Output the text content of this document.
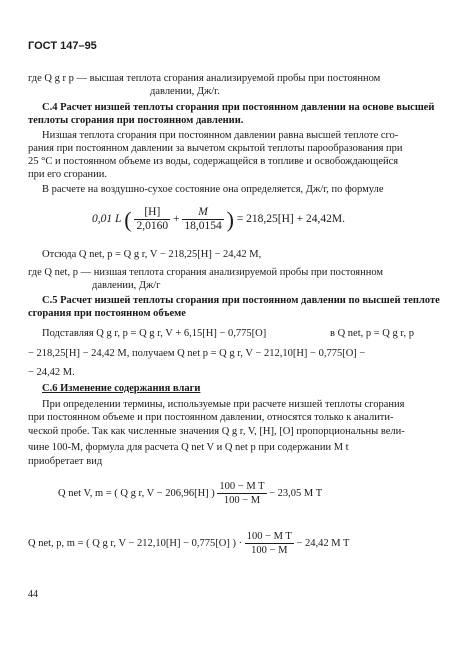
ГОСТ 147–95
где Q g r p — высшая теплота сгорания анализируемой пробы при постоянном
давлении, Дж/г.
С.4 Расчет низшей теплоты сгорания при постоянном давлении на основе высшей
теплоты сгорания при постоянном давлении.
Низшая теплота сгорания при постоянном давлении равна высшей теплоте сго-
рания при постоянном давлении за вычетом скрытой теплоты парообразования при
25 °С и постоянном объеме из воды, содержащейся в топливе и освобождающейся
при его сгорании.
В расчете на воздушно-сухое состояние она определяется, Дж/г, по формуле
0,01 L ( $\frac{[H]}{2,0160} + \frac{M}{18,0154}$ ) = 218,25[H] + 24,42M.
Отсюда Q net, p = Q g r, V − 218,25[H] − 24,42 M,
где Q net, p — низшая теплота сгорания анализируемой пробы при постоянном
давлении, Дж/г
С.5 Расчет низшей теплоты сгорания при постоянном давлении по высшей теплоте
сгорания при постоянном объеме
Подставляя Q g r, p = Q g r, V + 6,15[H] − 0,775[O]	в Q net, p = Q g r, p
− 218,25[H] − 24,42 M, получаем Q net p = Q g r, V − 212,10[H] − 0,775[O] −
− 24,42 M.
С.6 Изменение содержания влаги
При определении термины, используемые при расчете низшей теплоты сгорания
при постоянном объеме и при постоянном давлении, относятся только к аналити-
ческой пробе. Так как численные значения Q g r, V, [H], [O] пропорциональны вели-
чине 100-M, формула для расчета Q net V и Q net p при содержании M t
приобретает вид
Q net V, m = ( Q g r, V − 206,96[H] ) $\frac{\text{100 − M T}}{100 - M} - 23,05$ M T
Q net, p, m = ( Q g r, V − 212,10[H] − 0,775[O] ) · $\frac{\text{100 − M T}}{100 - M} - 24,42$ M T
44
